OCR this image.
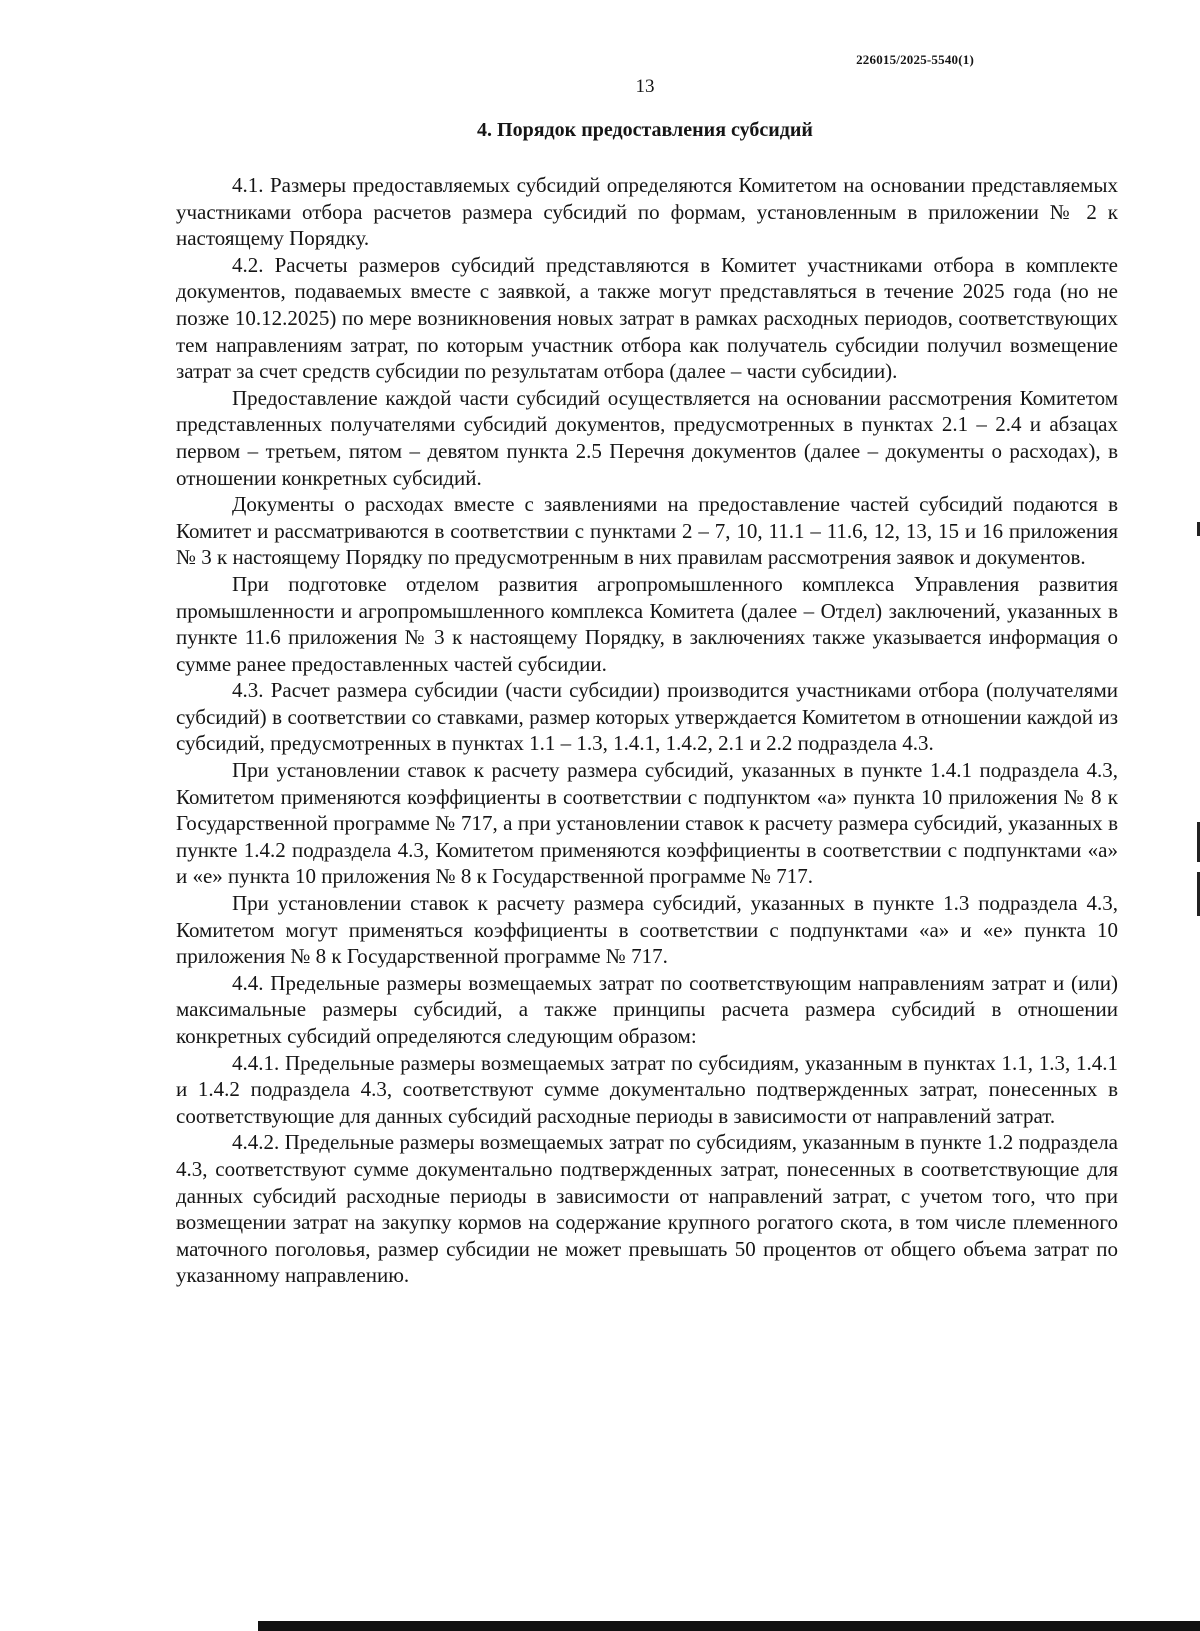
226015/2025-5540(1)
13
4. Порядок предоставления субсидий

4.1. Размеры предоставляемых субсидий определяются Комитетом на основании представляемых участниками отбора расчетов размера субсидий по формам, установленным в приложении № 2 к настоящему Порядку.

4.2. Расчеты размеров субсидий представляются в Комитет участниками отбора в комплекте документов, подаваемых вместе с заявкой, а также могут представляться в течение 2025 года (но не позже 10.12.2025) по мере возникновения новых затрат в рамках расходных периодов, соответствующих тем направлениям затрат, по которым участник отбора как получатель субсидии получил возмещение затрат за счет средств субсидии по результатам отбора (далее – части субсидии).

Предоставление каждой части субсидий осуществляется на основании рассмотрения Комитетом представленных получателями субсидий документов, предусмотренных в пунктах 2.1 – 2.4 и абзацах первом – третьем, пятом – девятом пункта 2.5 Перечня документов (далее – документы о расходах), в отношении конкретных субсидий.

Документы о расходах вместе с заявлениями на предоставление частей субсидий подаются в Комитет и рассматриваются в соответствии с пунктами 2 – 7, 10, 11.1 – 11.6, 12, 13, 15 и 16 приложения № 3 к настоящему Порядку по предусмотренным в них правилам рассмотрения заявок и документов.

При подготовке отделом развития агропромышленного комплекса Управления развития промышленности и агропромышленного комплекса Комитета (далее – Отдел) заключений, указанных в пункте 11.6 приложения № 3 к настоящему Порядку, в заключениях также указывается информация о сумме ранее предоставленных частей субсидии.

4.3. Расчет размера субсидии (части субсидии) производится участниками отбора (получателями субсидий) в соответствии со ставками, размер которых утверждается Комитетом в отношении каждой из субсидий, предусмотренных в пунктах 1.1 – 1.3, 1.4.1, 1.4.2, 2.1 и 2.2 подраздела 4.3.

При установлении ставок к расчету размера субсидий, указанных в пункте 1.4.1 подраздела 4.3, Комитетом применяются коэффициенты в соответствии с подпунктом «а» пункта 10 приложения № 8 к Государственной программе № 717, а при установлении ставок к расчету размера субсидий, указанных в пункте 1.4.2 подраздела 4.3, Комитетом применяются коэффициенты в соответствии с подпунктами «а» и «е» пункта 10 приложения № 8 к Государственной программе № 717.

При установлении ставок к расчету размера субсидий, указанных в пункте 1.3 подраздела 4.3, Комитетом могут применяться коэффициенты в соответствии с подпунктами «а» и «е» пункта 10 приложения № 8 к Государственной программе № 717.

4.4. Предельные размеры возмещаемых затрат по соответствующим направлениям затрат и (или) максимальные размеры субсидий, а также принципы расчета размера субсидий в отношении конкретных субсидий определяются следующим образом:

4.4.1. Предельные размеры возмещаемых затрат по субсидиям, указанным в пунктах 1.1, 1.3, 1.4.1 и 1.4.2 подраздела 4.3, соответствуют сумме документально подтвержденных затрат, понесенных в соответствующие для данных субсидий расходные периоды в зависимости от направлений затрат.

4.4.2. Предельные размеры возмещаемых затрат по субсидиям, указанным в пункте 1.2 подраздела 4.3, соответствуют сумме документально подтвержденных затрат, понесенных в соответствующие для данных субсидий расходные периоды в зависимости от направлений затрат, с учетом того, что при возмещении затрат на закупку кормов на содержание крупного рогатого скота, в том числе племенного маточного поголовья, размер субсидии не может превышать 50 процентов от общего объема затрат по указанному направлению.
